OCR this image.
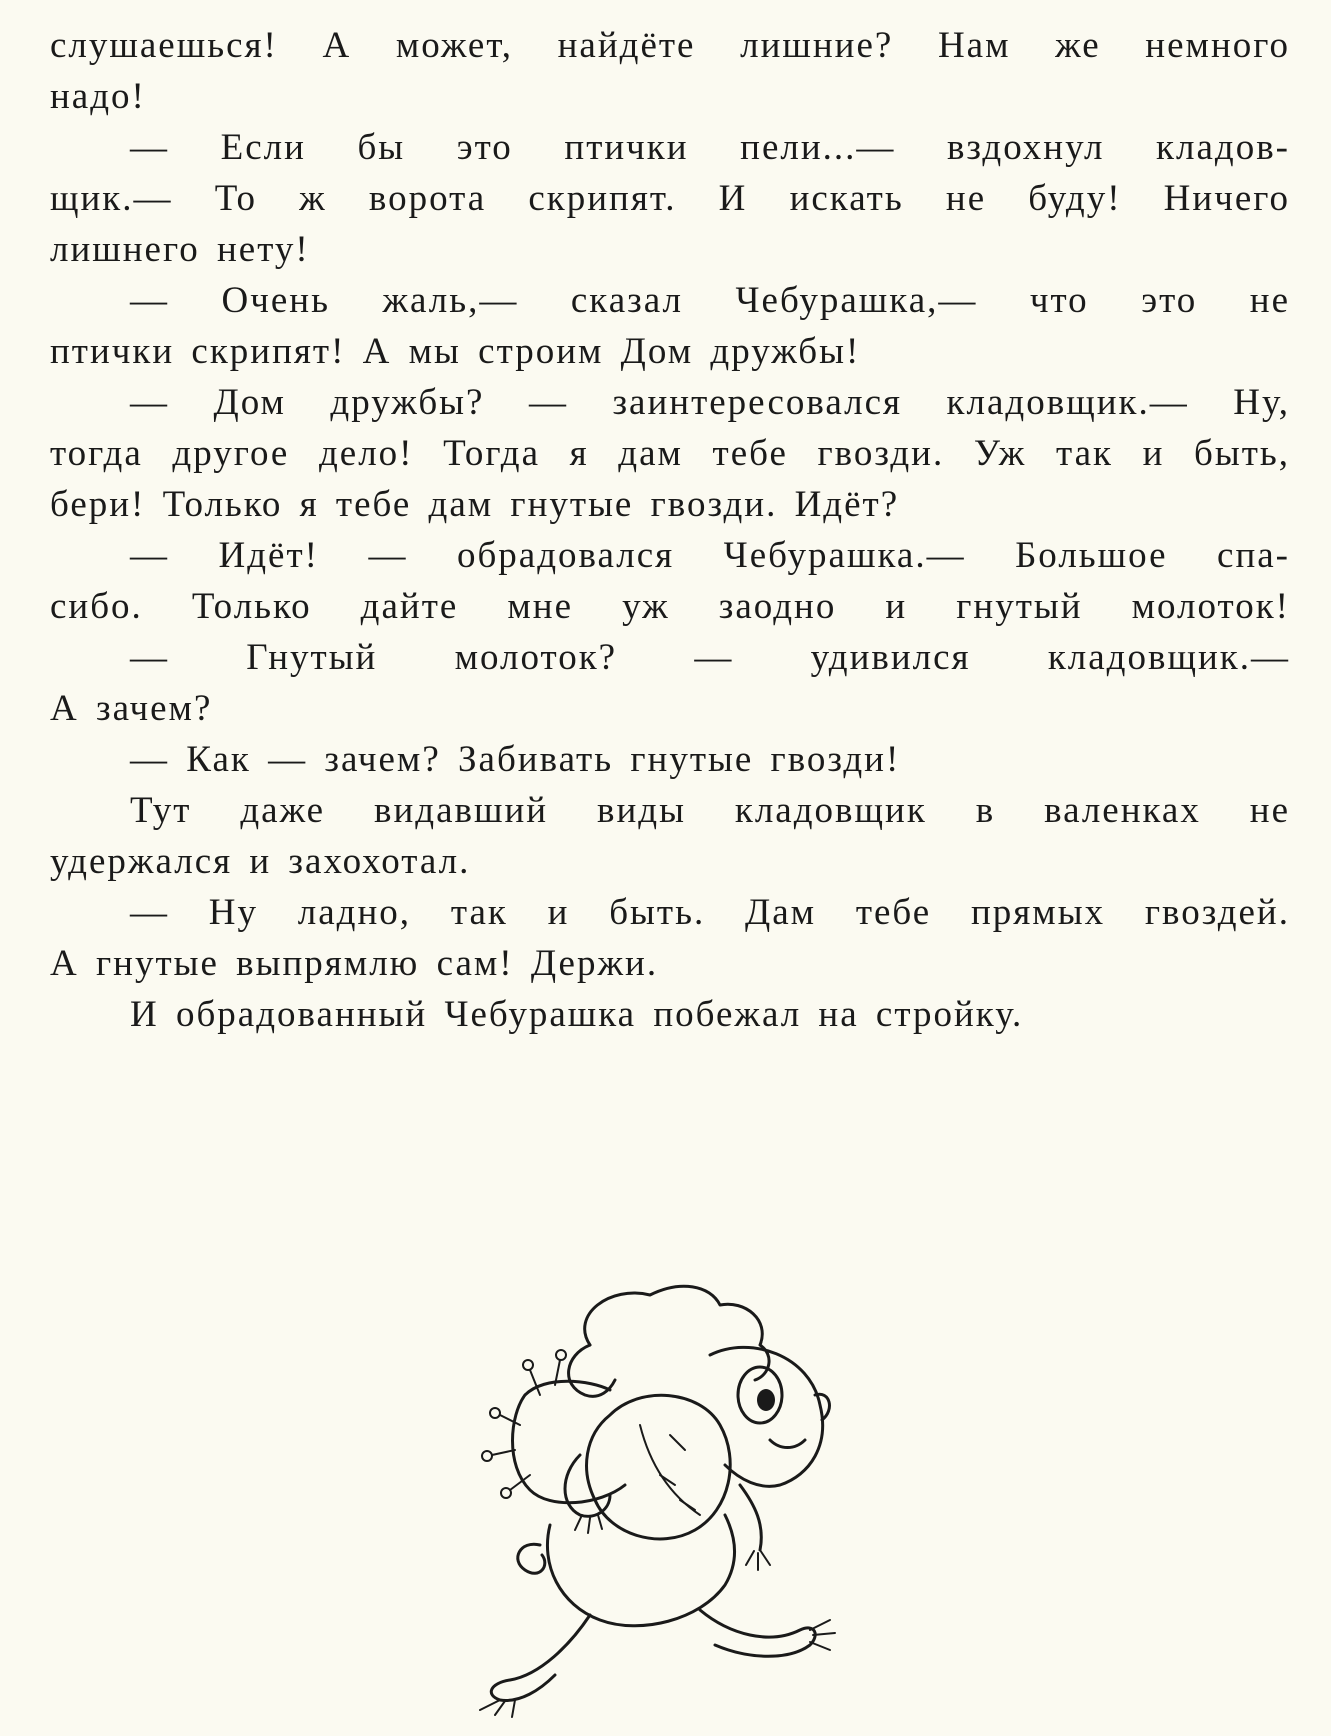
слушаешься! А может, найдёте лишние? Нам же немного
надо!
— Если бы это птички пели...— вздохнул кладов-
щик.— То ж ворота скрипят. И искать не буду! Ничего
лишнего нету!
— Очень жаль,— сказал Чебурашка,— что это не
птички скрипят! А мы строим Дом дружбы!
— Дом дружбы? — заинтересовался кладовщик.— Ну,
тогда другое дело! Тогда я дам тебе гвозди. Уж так и быть,
бери! Только я тебе дам гнутые гвозди. Идёт?
— Идёт! — обрадовался Чебурашка.— Большое спа-
сибо. Только дайте мне уж заодно и гнутый молоток!
— Гнутый молоток? — удивился кладовщик.—
А зачем?
— Как — зачем? Забивать гнутые гвозди!
Тут даже видавший виды кладовщик в валенках не
удержался и захохотал.
— Ну ладно, так и быть. Дам тебе прямых гвоздей.
А гнутые выпрямлю сам! Держи.
И обрадованный Чебурашка побежал на стройку.
